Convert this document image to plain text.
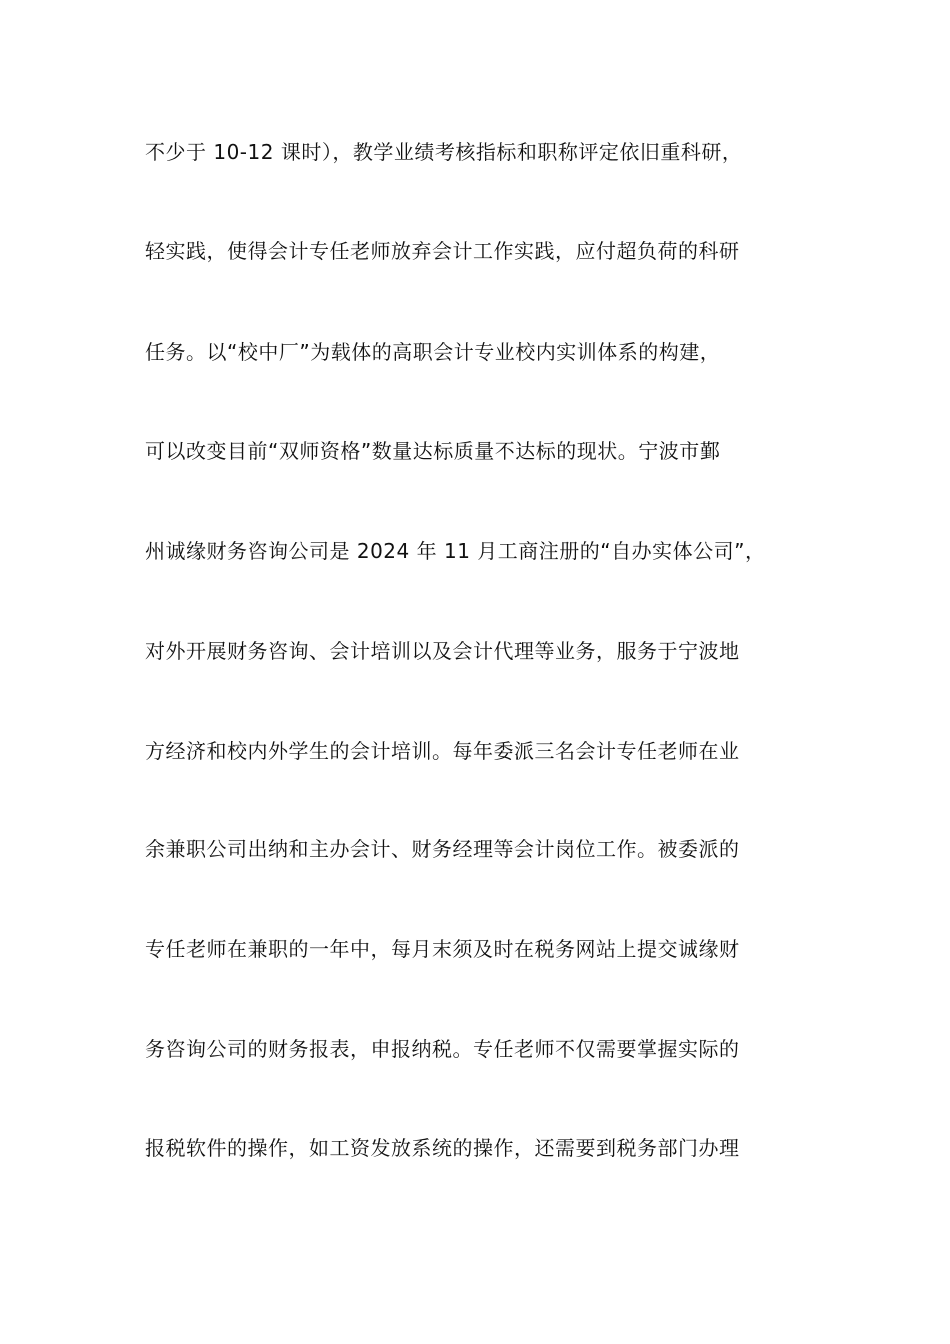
不少于 10-12 课时），教学业绩考核指标和职称评定依旧重科研，
轻实践，使得会计专任老师放弃会计工作实践，应付超负荷的科研
任务。以“校中厂”为载体的高职会计专业校内实训体系的构建，
可以改变目前“双师资格”数量达标质量不达标的现状。宁波市鄞
州诚缘财务咨询公司是 2024 年 11 月工商注册的“自办实体公司”，
对外开展财务咨询、会计培训以及会计代理等业务，服务于宁波地
方经济和校内外学生的会计培训。每年委派三名会计专任老师在业
余兼职公司出纳和主办会计、财务经理等会计岗位工作。被委派的
专任老师在兼职的一年中，每月末须及时在税务网站上提交诚缘财
务咨询公司的财务报表，申报纳税。专任老师不仅需要掌握实际的
报税软件的操作，如工资发放系统的操作，还需要到税务部门办理
